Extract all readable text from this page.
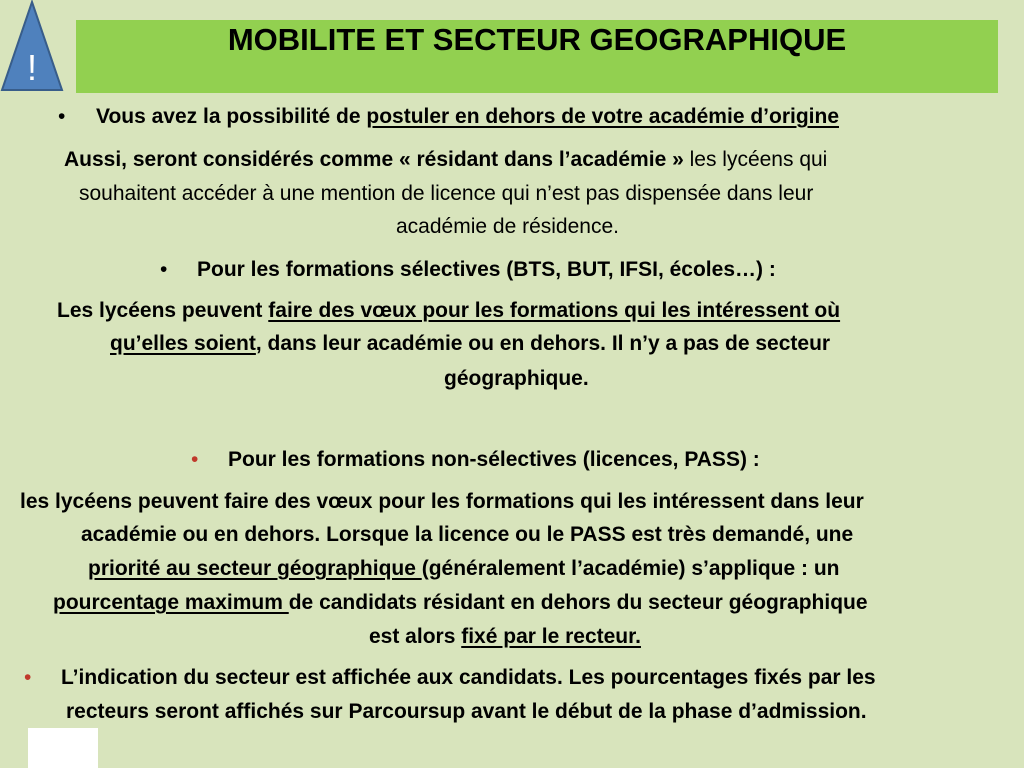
!
MOBILITE ET SECTEUR GEOGRAPHIQUE
• Vous avez la possibilité de postuler en dehors de votre académie d’origine
Aussi, seront considérés comme « résidant dans l’académie » les lycéens qui
souhaitent accéder à une mention de licence qui n’est pas dispensée dans leur
académie de résidence.
• Pour les formations sélectives (BTS, BUT, IFSI, écoles…) :
Les lycéens peuvent faire des vœux pour les formations qui les intéressent où
qu’elles soient, dans leur académie ou en dehors. Il n’y a pas de secteur
géographique.
• Pour les formations non-sélectives (licences, PASS) :
les lycéens peuvent faire des vœux pour les formations qui les intéressent dans leur
académie ou en dehors. Lorsque la licence ou le PASS est très demandé, une
priorité au secteur géographique (généralement l’académie) s’applique : un
pourcentage maximum de candidats résidant en dehors du secteur géographique
est alors fixé par le recteur.
• L’indication du secteur est affichée aux candidats. Les pourcentages fixés par les
recteurs seront affichés sur Parcoursup avant le début de la phase d’admission.
